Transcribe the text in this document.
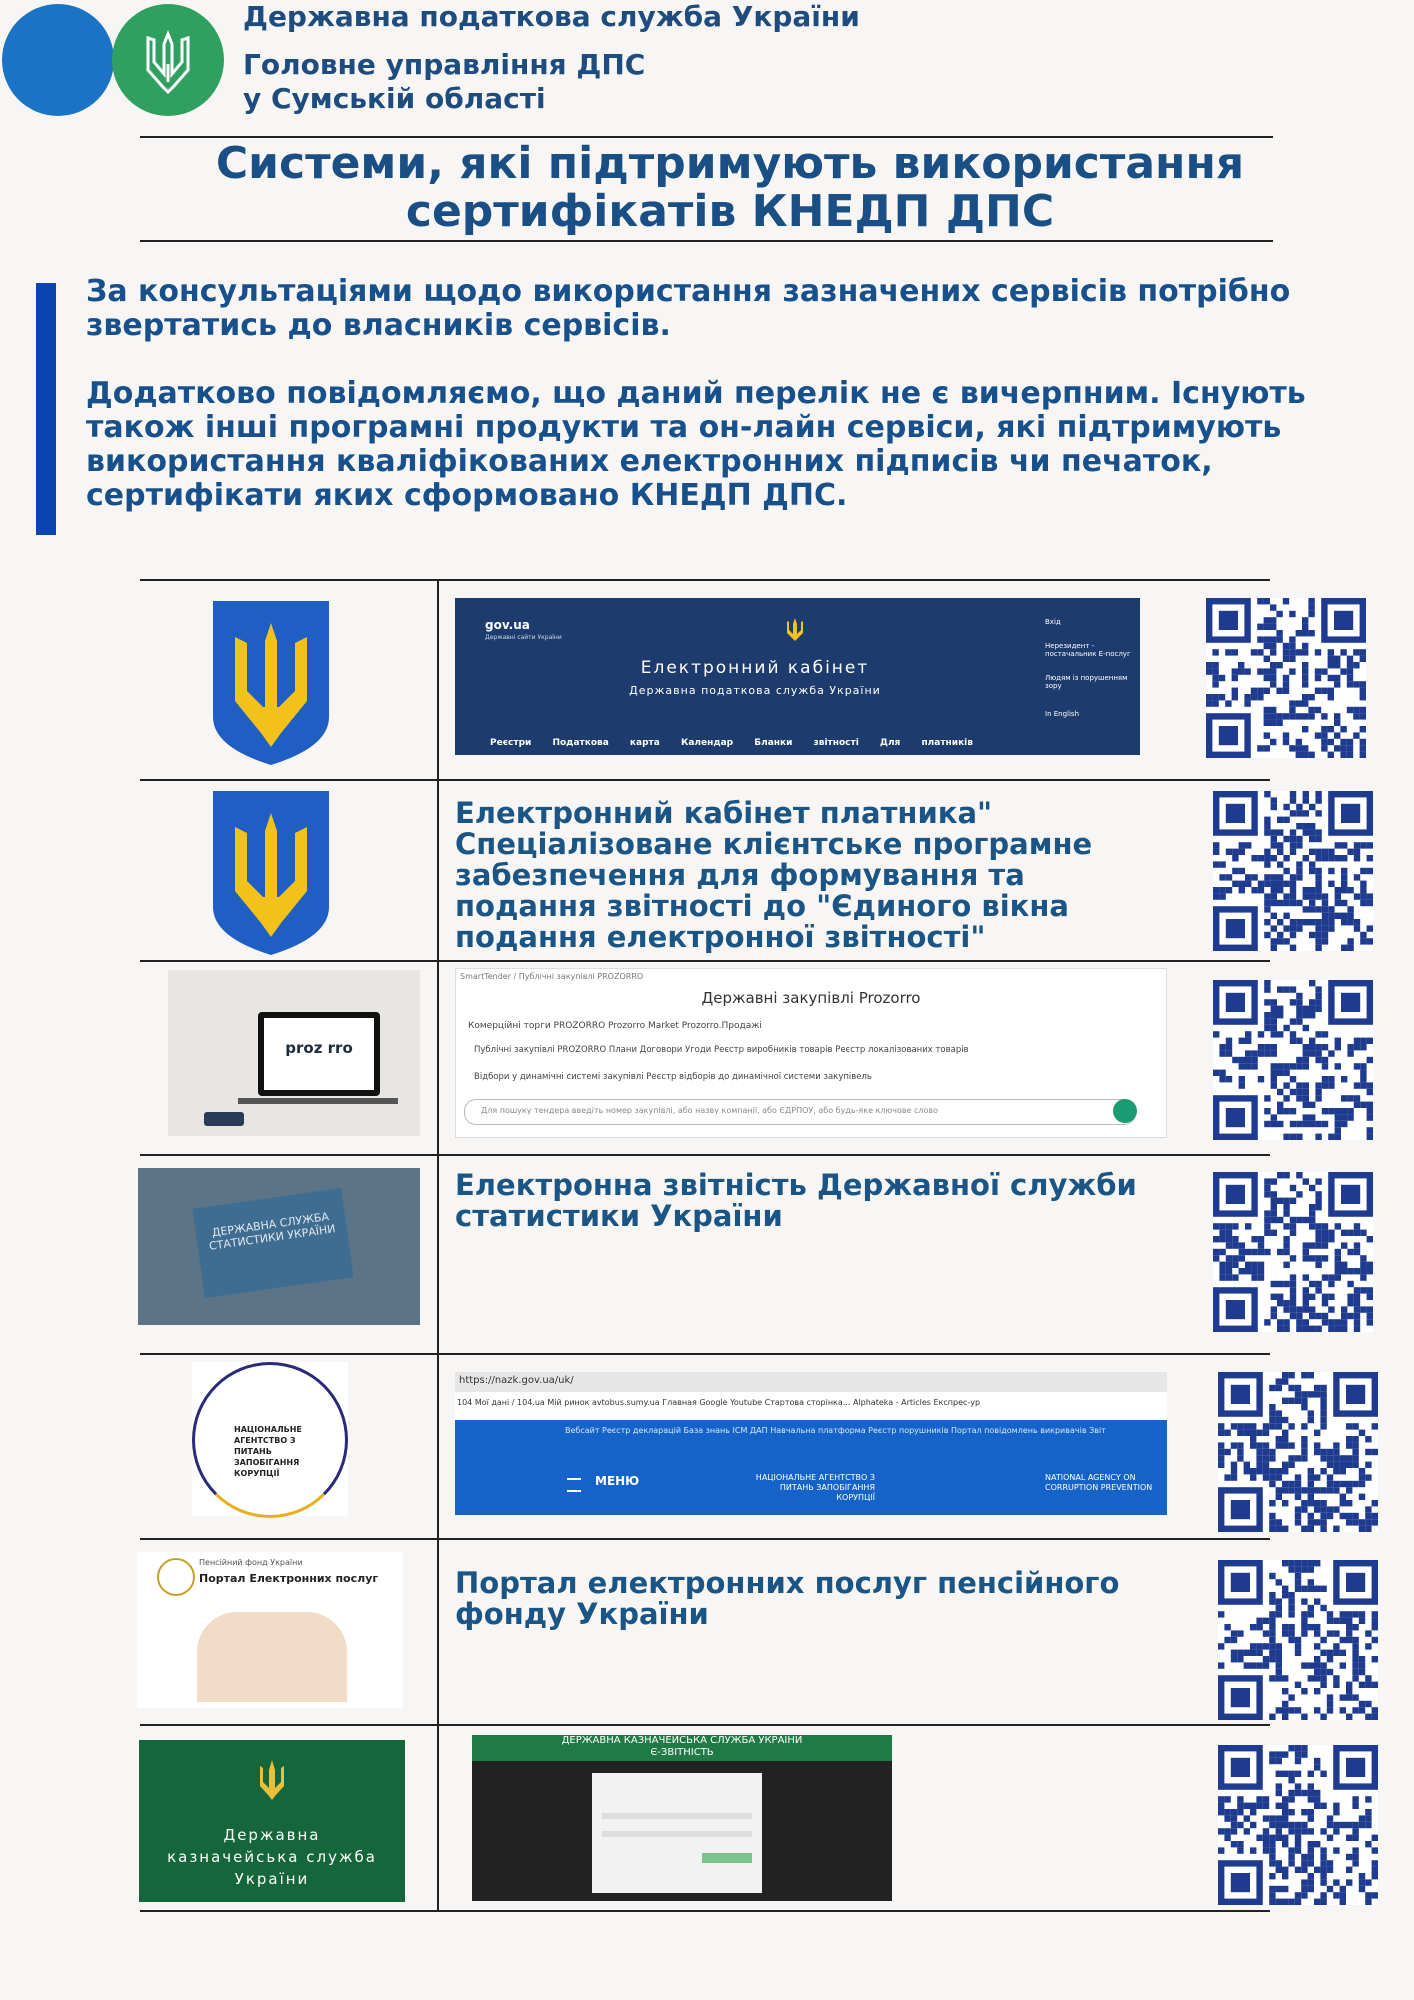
Державна податкова служба України
Головне управління ДПС
у Сумській області
Системи, які підтримують використання
сертифікатів КНЕДП ДПС
За консультаціями щодо використання зазначених сервісів потрібно звертатись до власників сервісів.
Додатково повідомляємо, що даний перелік не є вичерпним. Існують також інші програмні продукти та он-лайн сервіси, які підтримують використання кваліфікованих електронних підписів чи печаток, сертифікати яких сформовано КНЕДП ДПС.
gov.ua
Державні сайти України
Електронний кабінет
Державна податкова служба України
Вхід
Нерезидент - постачальник Е-послуг
Людям із порушенням зору
In English
Реєстри Податкова карта Календар Бланки звітності Для платників
Електронний кабінет платника" Спеціалізоване клієнтське програмне забезпечення для формування та подання звітності до "Єдиного вікна подання електронної звітності"
proz rro
SmartTender / Публічні закупівлі PROZORRO
Державні закупівлі Prozorro
Комерційні торги PROZORRO Prozorro Market Prozorro.Продажі
Публічні закупівлі PROZORRO Плани Договори Угоди Реєстр виробників товарів Реєстр локалізованих товарів
Відбори у динамічні системі закупівлі Реєстр відборів до динамічної системи закупівель
Для пошуку тендера введіть номер закупівлі, або назву компанії, або ЄДРПОУ, або будь-яке ключове слово
ДЕРЖАВНА СЛУЖБА СТАТИСТИКИ УКРАЇНИ
Електронна звітність Державної служби статистики України
НАЦІОНАЛЬНЕ АГЕНТСТВО З ПИТАНЬ ЗАПОБІГАННЯ КОРУПЦІЇ
https://nazk.gov.ua/uk/
104 Мої дані / 104.ua Мій ринок avtobus.sumy.ua Главная Google Youtube Стартова сторінка... Alphateka - Articles Експрес-ур
Вебсайт Реєстр декларацій База знань ІСМ ДАП Навчальна платформа Реєстр порушників Портал повідомлень викривачів Звіт
МЕНЮ	НАЦІОНАЛЬНЕ АГЕНТСТВО З ПИТАНЬ ЗАПОБІГАННЯ КОРУПЦІЇ
NATIONAL AGENCY ON CORRUPTION PREVENTION
Пенсійний фонд України
Портал Електронних послуг	Портал електронних послуг пенсійного фонду України
Державна
казначейська служба
України
ДЕРЖАВНА КАЗНАЧЕЙСЬКА СЛУЖБА УКРАЇНИ
Є-ЗВІТНІСТЬ
